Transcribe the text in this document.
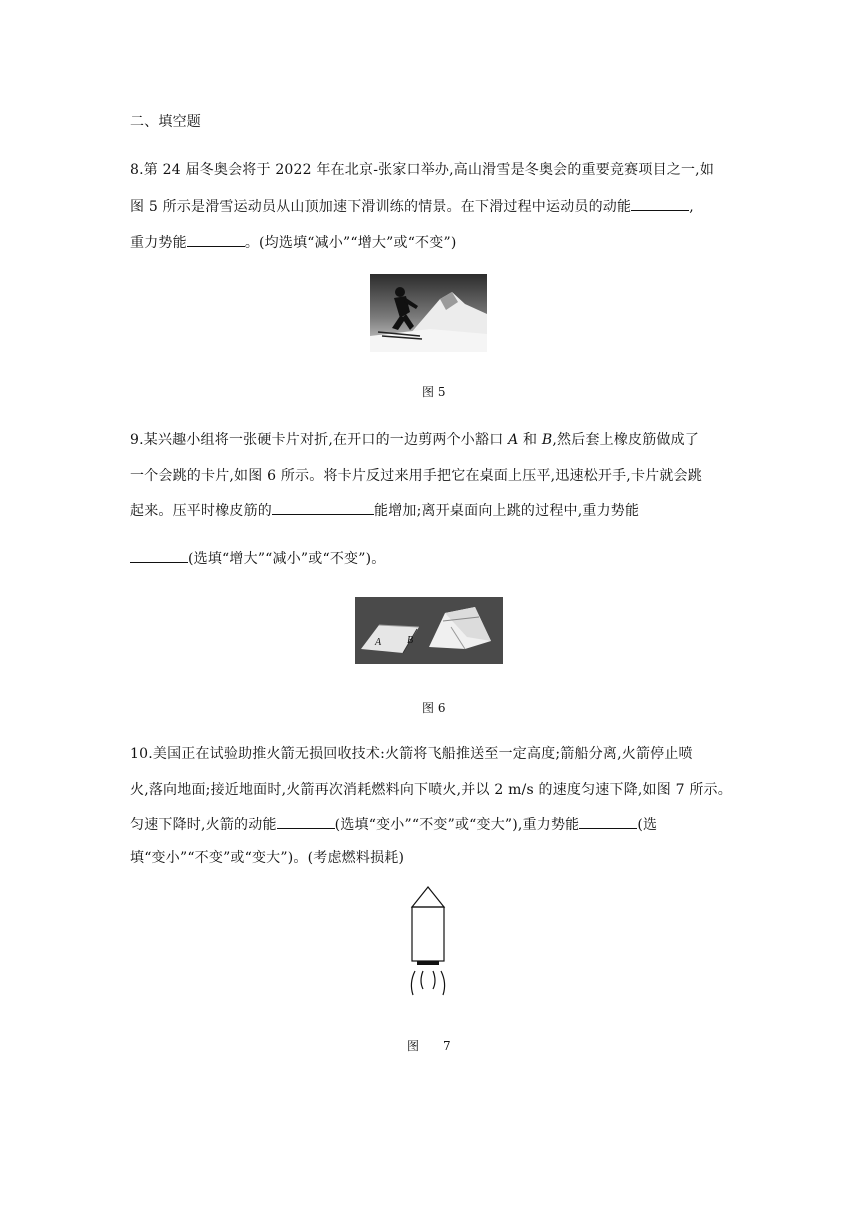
二、填空题
8.第 24 届冬奥会将于 2022 年在北京-张家口举办,高山滑雪是冬奥会的重要竞赛项目之一,如
图 5 所示是滑雪运动员从山顶加速下滑训练的情景。在下滑过程中运动员的动能	,
重力势能	。(均选填“减小”“增大”或“不变”)
图 5
9.某兴趣小组将一张硬卡片对折,在开口的一边剪两个小豁口 A 和 B,然后套上橡皮筋做成了
一个会跳的卡片,如图 6 所示。将卡片反过来用手把它在桌面上压平,迅速松开手,卡片就会跳
起来。压平时橡皮筋的	能增加;离开桌面向上跳的过程中,重力势能
(选填“增大”“减小”或“不变”)。
A	B
图 6
10.美国正在试验助推火箭无损回收技术:火箭将飞船推送至一定高度;箭船分离,火箭停止喷
火,落向地面;接近地面时,火箭再次消耗燃料向下喷火,并以 2 m/s 的速度匀速下降,如图 7 所示。
匀速下降时,火箭的动能	(选填“变小”“不变”或“变大”),重力势能	(选
填“变小”“不变”或“变大”)。(考虑燃料损耗)
图　　7
